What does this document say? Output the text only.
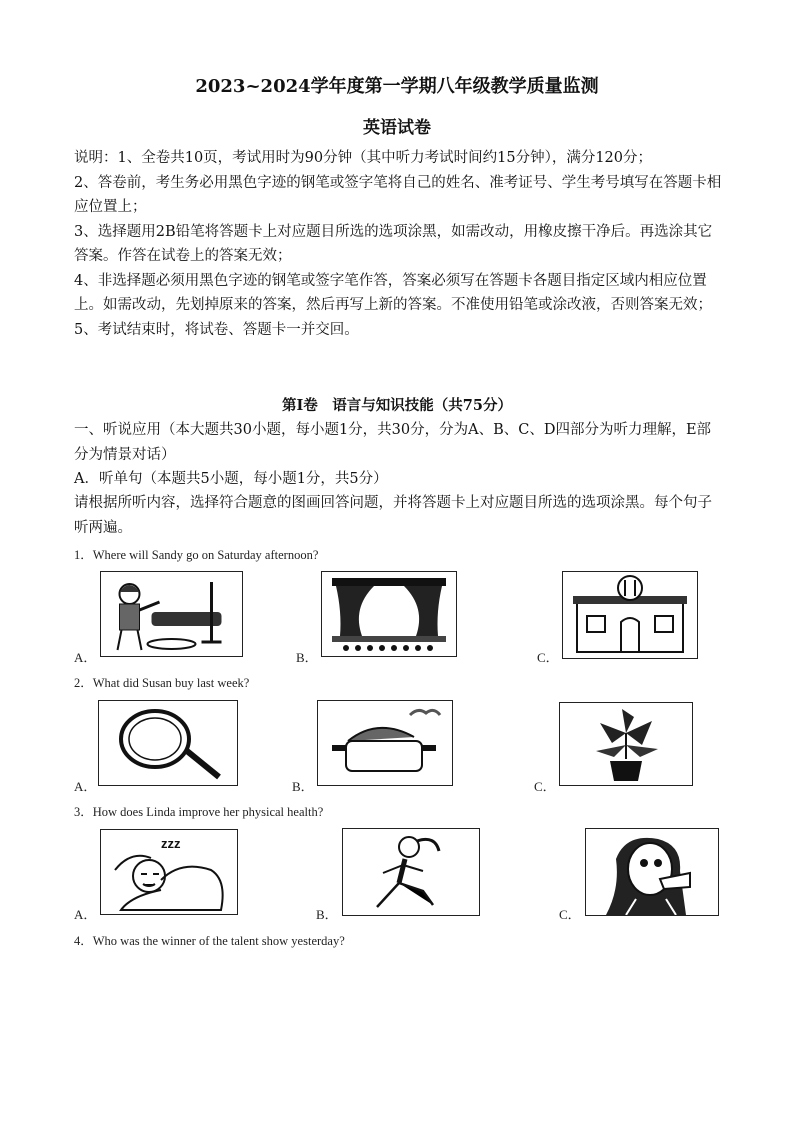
2023~2024学年度第一学期八年级教学质量监测
英语试卷
说明：1、全卷共10页，考试用时为90分钟（其中听力考试时间约15分钟），满分120分；
2、答卷前，考生务必用黑色字迹的钢笔或签字笔将自己的姓名、准考证号、学生考号填写在答题卡相应位置上；
3、选择题用2B铅笔将答题卡上对应题目所选的选项涂黑，如需改动，用橡皮擦干净后。再选涂其它答案。作答在试卷上的答案无效；
4、非选择题必须用黑色字迹的钢笔或签字笔作答，答案必须写在答题卡各题目指定区域内相应位置上。如需改动，先划掉原来的答案，然后再写上新的答案。不准使用铅笔或涂改液，否则答案无效；
5、考试结束时，将试卷、答题卡一并交回。
第Ⅰ卷　语言与知识技能（共75分）
一、听说应用（本大题共30小题，每小题1分，共30分，分为A、B、C、D四部分为听力理解，E部分为情景对话）
A．听单句（本题共5小题，每小题1分，共5分）
请根据所听内容，选择符合题意的图画回答问题，并将答题卡上对应题目所选的选项涂黑。每个句子听两遍。
1．Where will Sandy go on Saturday afternoon?
A．	B．	C．
2．What did Susan buy last week?
A．	B．	C．
3．How does Linda improve her physical health?
A．
zzz
B．	C．
4．Who was the winner of the talent show yesterday?
